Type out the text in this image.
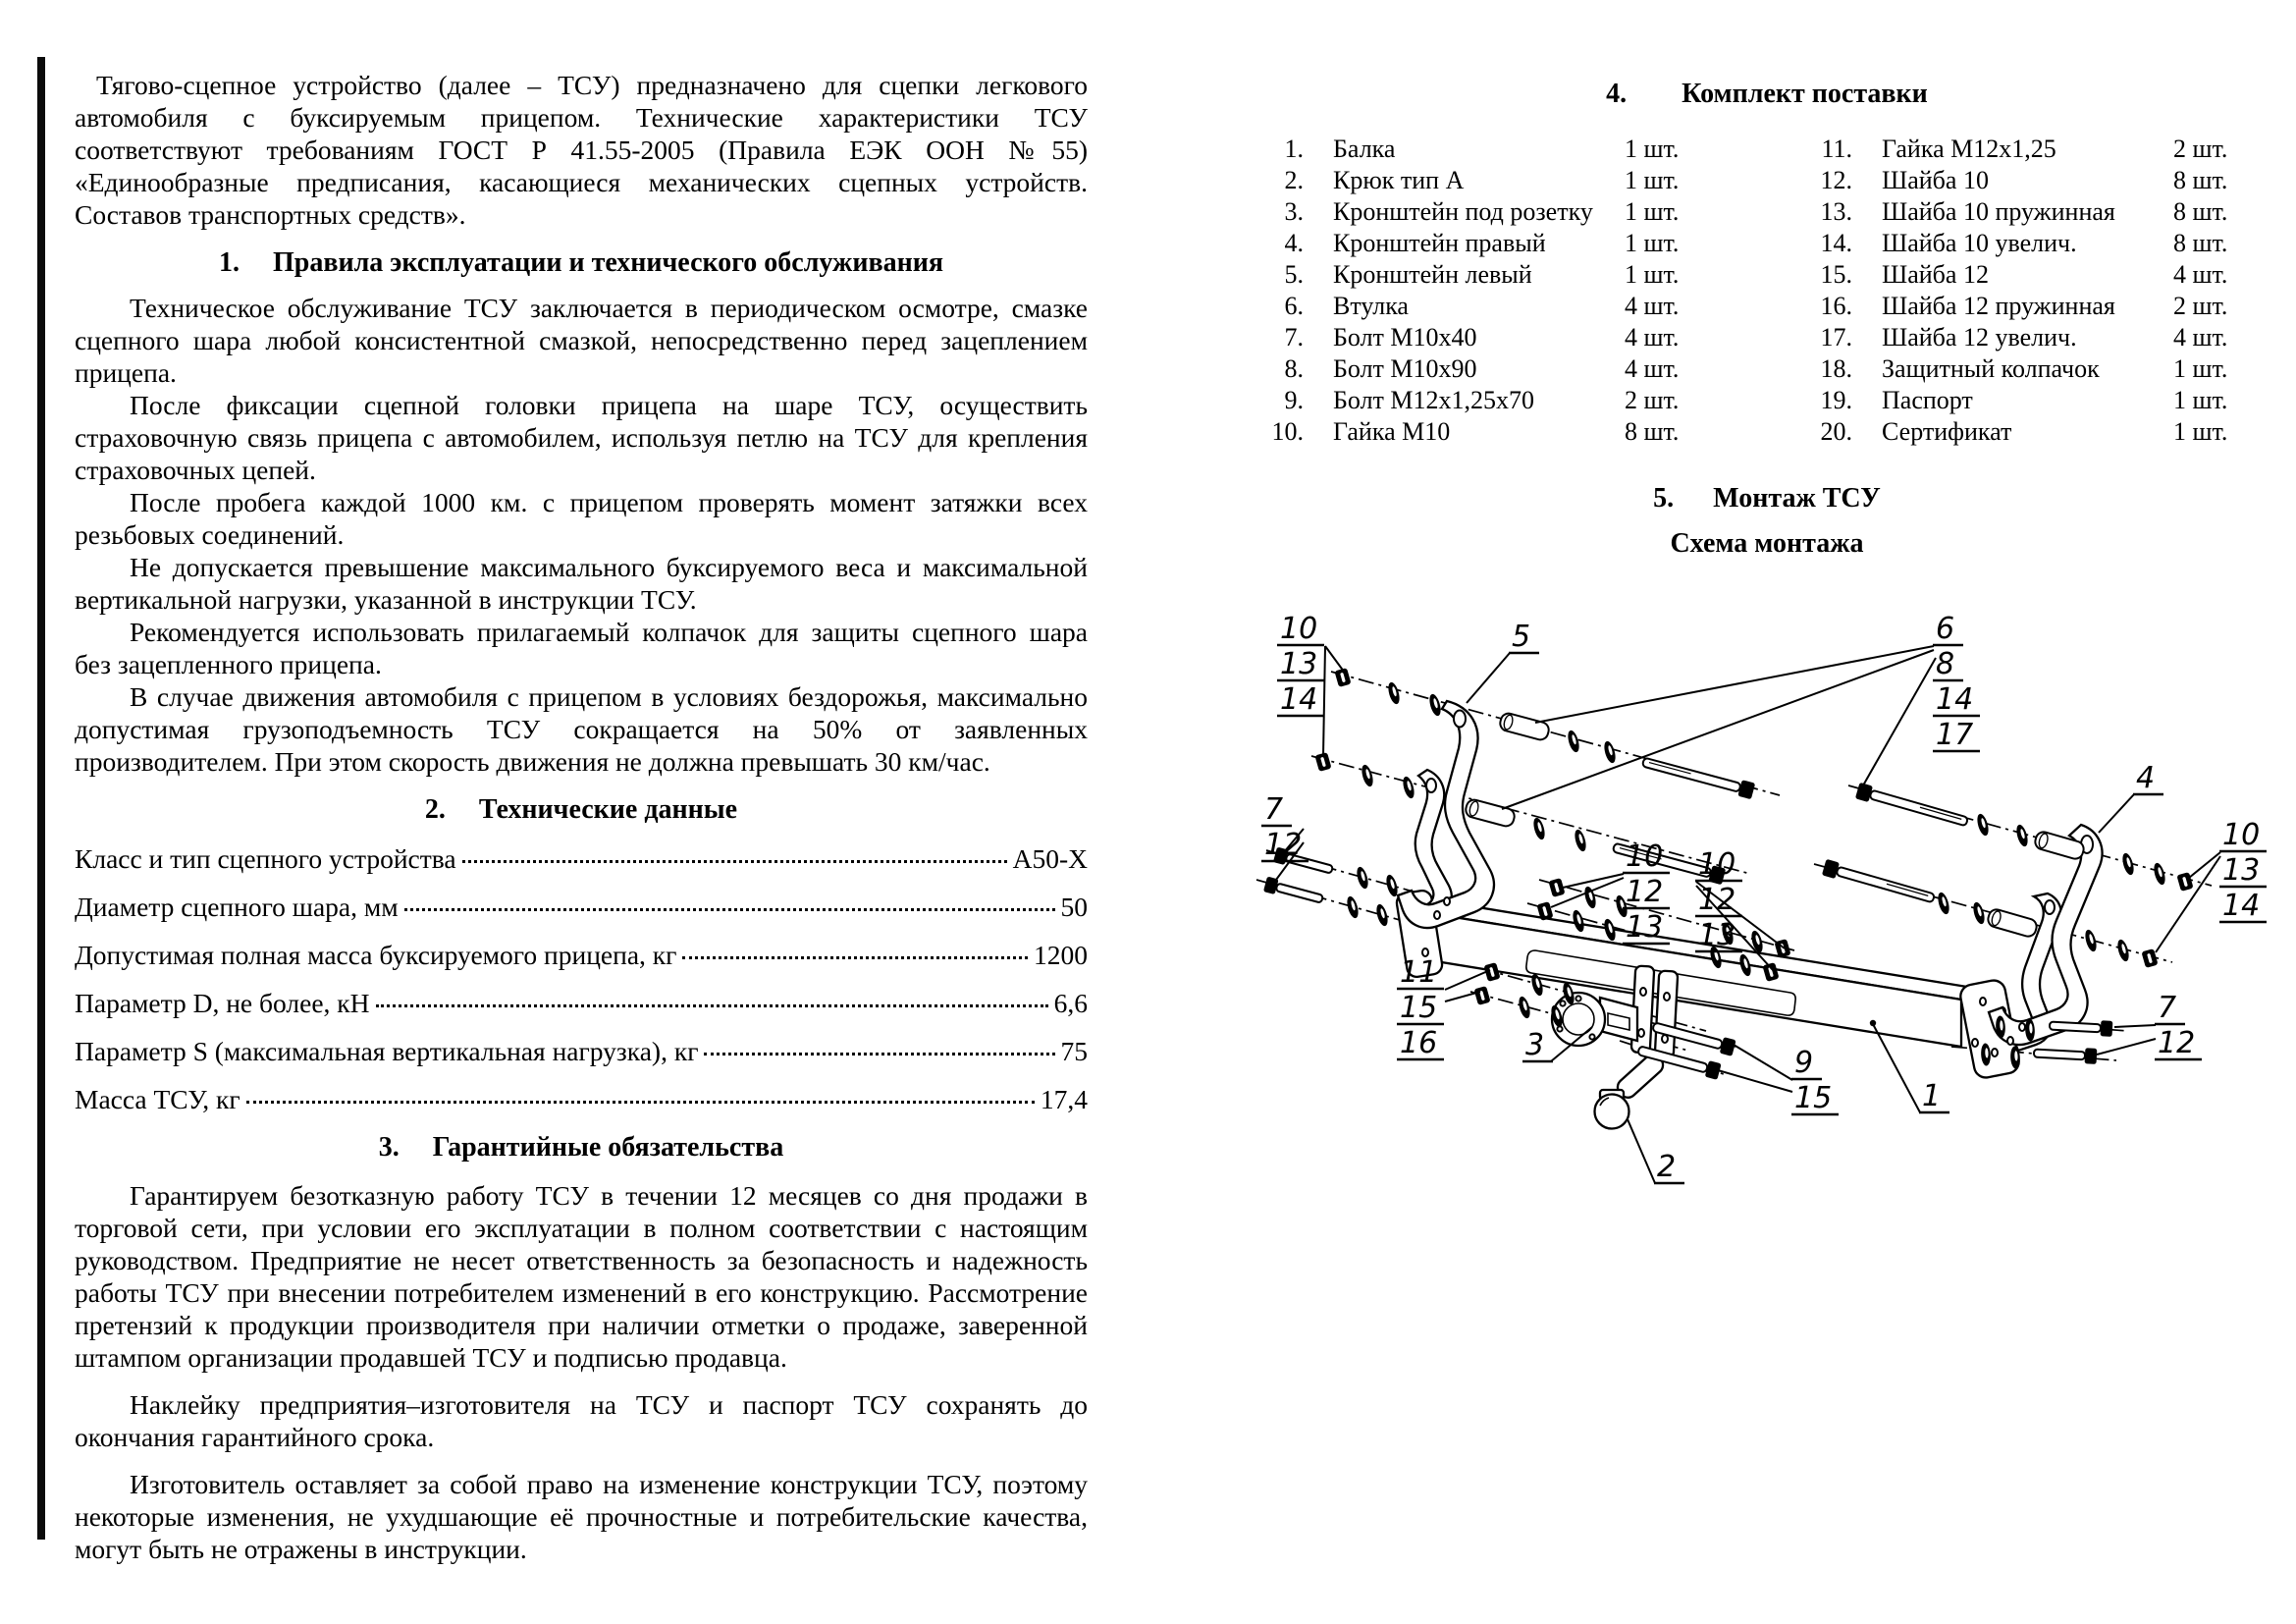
Тягово-сцепное устройство (далее – ТСУ) предназначено для сцепки легкового автомобиля с буксируемым прицепом. Технические характеристики ТСУ соответствуют требованиям ГОСТ Р 41.55-2005 (Правила ЕЭК ООН №55) «Единообразные предписания, касающиеся механических сцепных устройств. Составов транспортных средств».

1. Правила эксплуатации и технического обслуживания

Техническое обслуживание ТСУ заключается в периодическом осмотре, смазке сцепного шара любой консистентной смазкой, непосредственно перед зацеплением прицепа.

После фиксации сцепной головки прицепа на шаре ТСУ, осуществить страховочную связь прицепа с автомобилем, используя петлю на ТСУ для крепления страховочных цепей.

После пробега каждой 1000 км. с прицепом проверять момент затяжки всех резьбовых соединений.

Не допускается превышение максимального буксируемого веса и максимальной вертикальной нагрузки, указанной в инструкции ТСУ.

Рекомендуется использовать прилагаемый колпачок для защиты сцепного шара без зацепленного прицепа.

В случае движения автомобиля с прицепом в условиях бездорожья, максимально допустимая грузоподъемность ТСУ сокращается на 50% от заявленных производителем. При этом скорость движения не должна превышать 30 км/час.

2. Технические данные
Класс и тип сцепного устройства	А50-Х
Диаметр сцепного шара, мм	50
Допустимая полная масса буксируемого прицепа, кг	1200
Параметр D, не более, кН	6,6
Параметр S (максимальная вертикальная нагрузка), кг	75
Масса ТСУ, кг	17,4
3. Гарантийные обязательства

Гарантируем безотказную работу ТСУ в течении 12 месяцев со дня продажи в торговой сети, при условии его эксплуатации в полном соответствии с настоящим руководством. Предприятие не несет ответственность за безопасность и надежность работы ТСУ при внесении потребителем изменений в его конструкцию. Рассмотрение претензий к продукции производителя при наличии отметки о продаже, заверенной штампом организации продавшей ТСУ и подписью продавца.

Наклейку предприятия–изготовителя на ТСУ и паспорт ТСУ сохранять до окончания гарантийного срока.

Изготовитель оставляет за собой право на изменение конструкции ТСУ, поэтому некоторые изменения, не ухудшающие её прочностные и потребительские качества, могут быть не отражены в инструкции.

4. Комплект поставки
1.	Балка	1 шт.
2.	Крюк тип А	1 шт.
3.	Кронштейн под розетку	1 шт.
4.	Кронштейн правый	1 шт.
5.	Кронштейн левый	1 шт.
6.	Втулка	4 шт.
7.	Болт М10х40	4 шт.
8.	Болт М10х90	4 шт.
9.	Болт М12х1,25х70	2 шт.
10.	Гайка М10	8 шт.
11.	Гайка М12х1,25	2 шт.
12.	Шайба 10	8 шт.
13.	Шайба 10 пружинная	8 шт.
14.	Шайба 10 увелич.	8 шт.
15.	Шайба 12	4 шт.
16.	Шайба 12 пружинная	2 шт.
17.	Шайба 12 увелич.	4 шт.
18.	Защитный колпачок	1 шт.
19.	Паспорт	1 шт.
20.	Сертификат	1 шт.
5. Монтаж ТСУ
Схема монтажа
10
13
14
5	6
8
14
17
4
10
13
14
7
12	10
12
13
10
12
13
11
15
16	3
9
15	1
2
7
12
